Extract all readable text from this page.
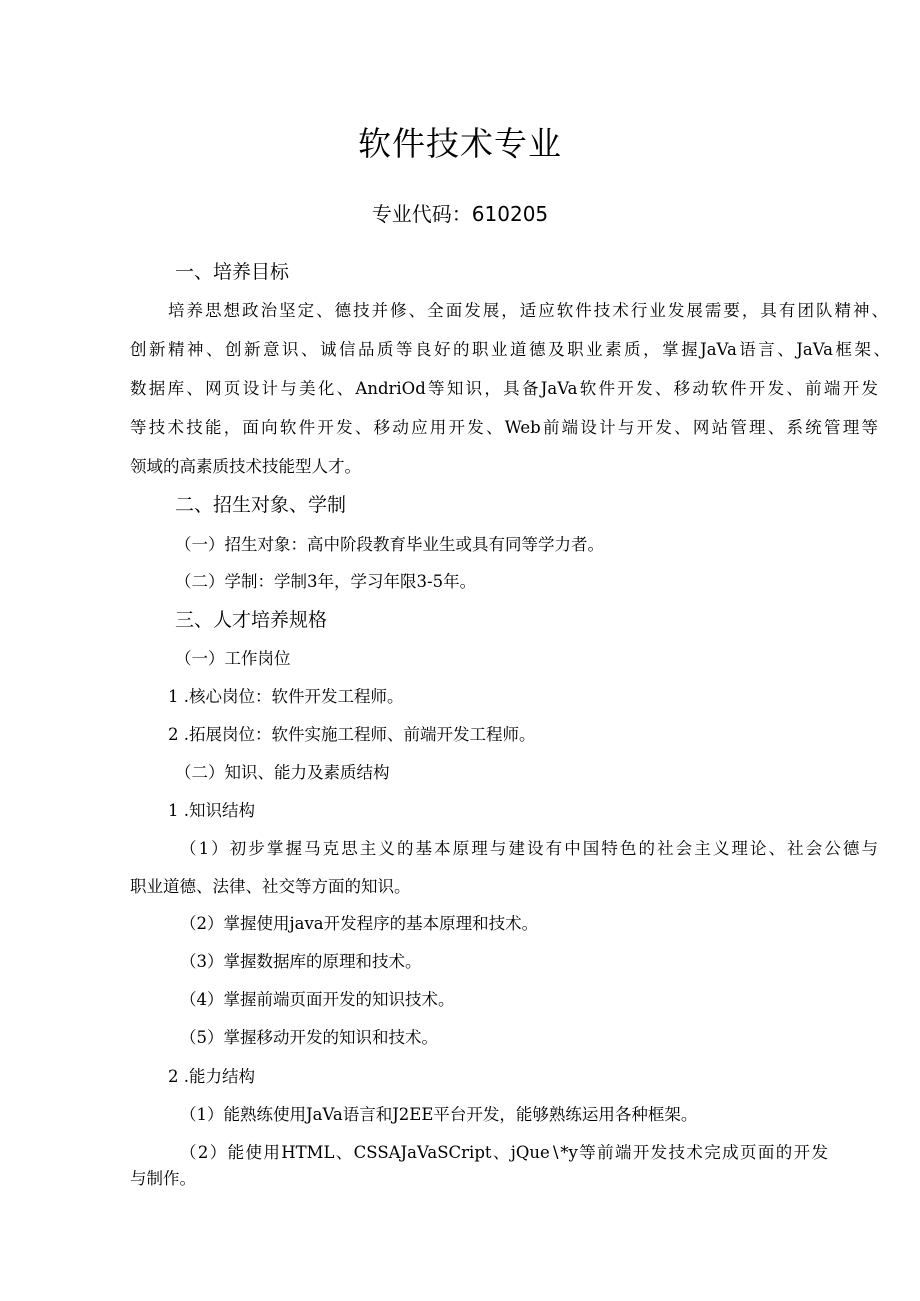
软件技术专业
专业代码：610205
一、培养目标
培养思想政治坚定、德技并修、全面发展，适应软件技术行业发展需要，具有团队精神、
创新精神、创新意识、诚信品质等良好的职业道德及职业素质，掌握JaVa语言、JaVa框架、
数据库、网页设计与美化、AndriOd等知识，具备JaVa软件开发、移动软件开发、前端开发
等技术技能，面向软件开发、移动应用开发、Web前端设计与开发、网站管理、系统管理等
领域的高素质技术技能型人才。
二、招生对象、学制
（一）招生对象：高中阶段教育毕业生或具有同等学力者。
（二）学制：学制3年，学习年限3-5年。
三、人才培养规格
（一）工作岗位
1 .核心岗位：软件开发工程师。
2 .拓展岗位：软件实施工程师、前端开发工程师。
（二）知识、能力及素质结构
1 .知识结构
（1）初步掌握马克思主义的基本原理与建设有中国特色的社会主义理论、社会公德与
职业道德、法律、社交等方面的知识。
（2）掌握使用java开发程序的基本原理和技术。
（3）掌握数据库的原理和技术。
（4）掌握前端页面开发的知识技术。
（5）掌握移动开发的知识和技术。
2 .能力结构
（1）能熟练使用JaVa语言和J2EE平台开发，能够熟练运用各种框架。
（2）能使用HTML、CSSAJaVaSCript、jQue∖*y等前端开发技术完成页面的开发
与制作。
